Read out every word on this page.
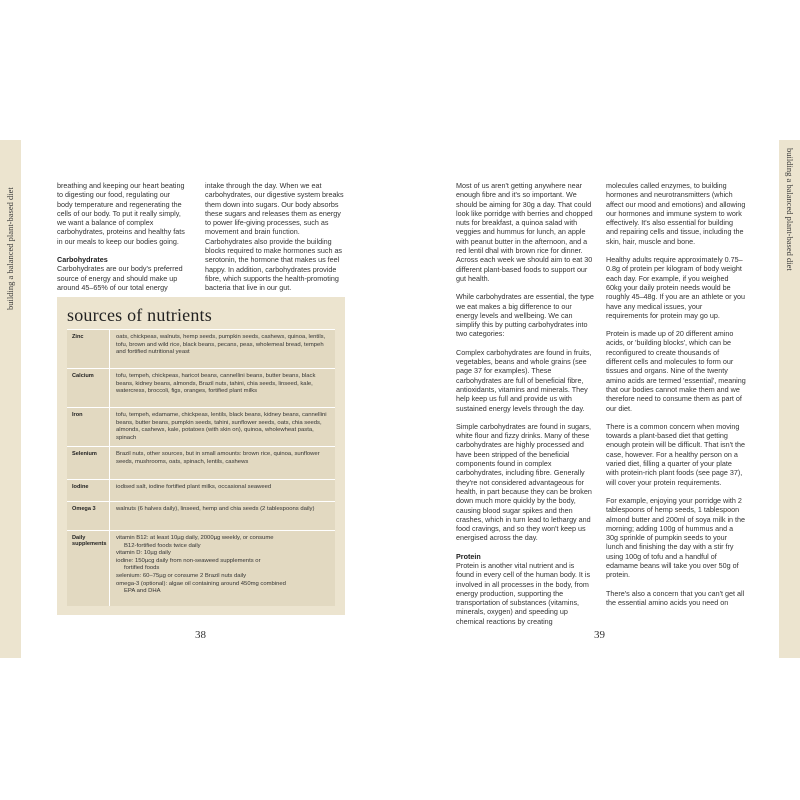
building a balanced plant-based diet	building a balanced plant-based diet

breathing and keeping our heart beating to digesting our food, regulating our body temperature and regenerating the cells of our body. To put it really simply, we want a balance of complex carbohydrates, proteins and healthy fats in our meals to keep our bodies going.

Carbohydrates

Carbohydrates are our body's preferred source of energy and should make up around 45–65% of our total energy

intake through the day. When we eat carbohydrates, our digestive system breaks them down into sugars. Our body absorbs these sugars and releases them as energy to power life-giving processes, such as movement and brain function. Carbohydrates also provide the building blocks required to make hormones such as serotonin, the hormone that makes us feel happy. In addition, carbohydrates provide fibre, which supports the health-promoting bacteria that live in our gut.

sources of nutrients
Zinc	oats, chickpeas, walnuts, hemp seeds, pumpkin seeds, cashews, quinoa, lentils, tofu, brown and wild rice, black beans, pecans, peas, wholemeal bread, tempeh and fortified nutritional yeast
Calcium	tofu, tempeh, chickpeas, haricot beans, cannellini beans, butter beans, black beans, kidney beans, almonds, Brazil nuts, tahini, chia seeds, linseed, kale, watercress, broccoli, figs, oranges, fortified plant milks
Iron	tofu, tempeh, edamame, chickpeas, lentils, black beans, kidney beans, cannellini beans, butter beans, pumpkin seeds, tahini, sunflower seeds, oats, chia seeds, almonds, cashews, kale, potatoes (with skin on), quinoa, wholewheat pasta, spinach
Selenium	Brazil nuts, other sources, but in small amounts: brown rice, quinoa, sunflower seeds, mushrooms, oats, spinach, lentils, cashews
Iodine	iodised salt, iodine fortified plant milks, occasional seaweed
Omega 3	walnuts (6 halves daily), linseed, hemp and chia seeds (2 tablespoons daily)
Daily supplements
vitamin B12: at least 10µg daily, 2000µg weekly, or consume
B12-fortified foods twice daily
vitamin D: 10µg daily
iodine: 150µcg daily from non-seaweed supplements or
fortified foods
selenium: 60–75µg or consume 2 Brazil nuts daily
omega-3 (optional): algae oil containing around 450mg combined
EPA and DHA
38

Most of us aren't getting anywhere near enough fibre and it's so important. We should be aiming for 30g a day. That could look like porridge with berries and chopped nuts for breakfast, a quinoa salad with veggies and hummus for lunch, an apple with peanut butter in the afternoon, and a red lentil dhal with brown rice for dinner. Across each week we should aim to eat 30 different plant-based foods to support our gut health.

While carbohydrates are essential, the type we eat makes a big difference to our energy levels and wellbeing. We can simplify this by putting carbohydrates into two categories:

Complex carbohydrates are found in fruits, vegetables, beans and whole grains (see page 37 for examples). These carbohydrates are full of beneficial fibre, antioxidants, vitamins and minerals. They help keep us full and provide us with sustained energy levels through the day.

Simple carbohydrates are found in sugars, white flour and fizzy drinks. Many of these carbohydrates are highly processed and have been stripped of the beneficial components found in complex carbohydrates, including fibre. Generally they're not considered advantageous for health, in part because they can be broken down much more quickly by the body, causing blood sugar spikes and then crashes, which in turn lead to lethargy and food cravings, and so they won't keep us energised across the day.

Protein

Protein is another vital nutrient and is found in every cell of the human body. It is involved in all processes in the body, from energy production, supporting the transportation of substances (vitamins, minerals, oxygen) and speeding up chemical reactions by creating

molecules called enzymes, to building hormones and neurotransmitters (which affect our mood and emotions) and allowing our hormones and immune system to work effectively. It's also essential for building and repairing cells and tissue, including the skin, hair, muscle and bone.

Healthy adults require approximately 0.75–0.8g of protein per kilogram of body weight each day. For example, if you weighed 60kg your daily protein needs would be roughly 45–48g. If you are an athlete or you have any medical issues, your requirements for protein may go up.

Protein is made up of 20 different amino acids, or 'building blocks', which can be reconfigured to create thousands of different cells and molecules to form our tissues and organs. Nine of the twenty amino acids are termed 'essential', meaning that our bodies cannot make them and we therefore need to consume them as part of our diet.

There is a common concern when moving towards a plant-based diet that getting enough protein will be difficult. That isn't the case, however. For a healthy person on a varied diet, filling a quarter of your plate with protein-rich plant foods (see page 37), will cover your protein requirements.

For example, enjoying your porridge with 2 tablespoons of hemp seeds, 1 tablespoon almond butter and 200ml of soya milk in the morning; adding 100g of hummus and a 30g sprinkle of pumpkin seeds to your lunch and finishing the day with a stir fry using 100g of tofu and a handful of edamame beans will take you over 50g of protein.

There's also a concern that you can't get all the essential amino acids you need on

39
